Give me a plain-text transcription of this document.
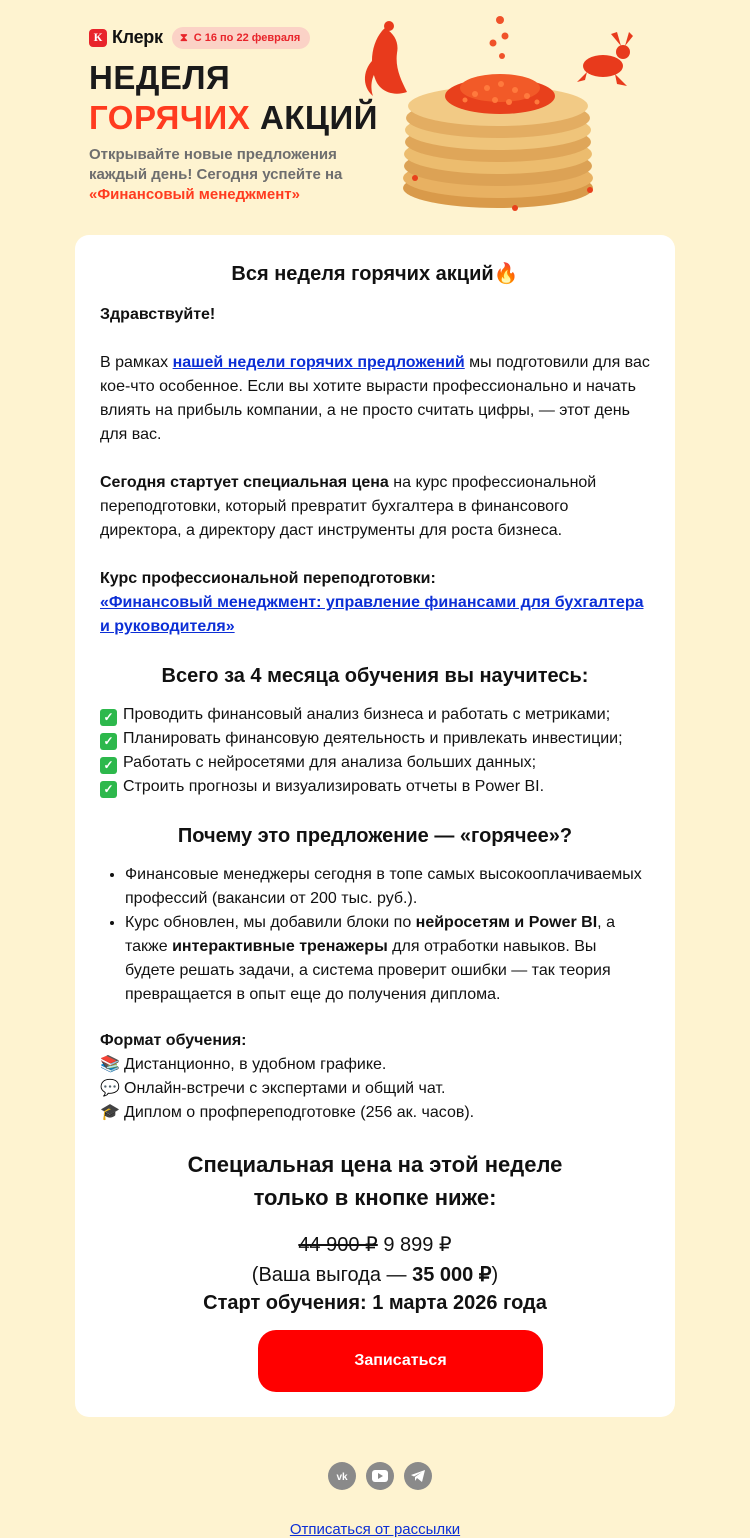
К Клерк ⧗ С 16 по 22 февраля
НЕДЕЛЯ
ГОРЯЧИХ АКЦИЙ
Открывайте новые предложения каждый день! Сегодня успейте на «Финансовый менеджмент»
Вся неделя горячих акций🔥
Здравствуйте!
В рамках нашей недели горячих предложений мы подготовили для вас кое-что особенное. Если вы хотите вырасти профессионально и начать влиять на прибыль компании, а не просто считать цифры, — этот день для вас.
Сегодня стартует специальная цена на курс профессиональной переподготовки, который превратит бухгалтера в финансового директора, а директору даст инструменты для роста бизнеса.
Курс профессиональной переподготовки:
«Финансовый менеджмент: управление финансами для бухгалтера и руководителя»
Всего за 4 месяца обучения вы научитесь:
✓ Проводить финансовый анализ бизнеса и работать с метриками;
✓ Планировать финансовую деятельность и привлекать инвестиции;
✓ Работать с нейросетями для анализа больших данных;
✓ Строить прогнозы и визуализировать отчеты в Power BI.
Почему это предложение — «горячее»?
• Финансовые менеджеры сегодня в топе самых высокооплачиваемых профессий (вакансии от 200 тыс. руб.).
• Курс обновлен, мы добавили блоки по нейросетям и Power BI, а также интерактивные тренажеры для отработки навыков. Вы будете решать задачи, а система проверит ошибки — так теория превращается в опыт еще до получения диплома.
Формат обучения:
📚 Дистанционно, в удобном графике.
💬 Онлайн-встречи с экспертами и общий чат.
🎓 Диплом о профпереподготовке (256 ак. часов).
Специальная цена на этой неделе
только в кнопке ниже:
44 900 ₽ 9 899 ₽
(Ваша выгода — 35 000 ₽)
Старт обучения: 1 марта 2026 года
Записаться
vk
Отписаться от рассылки
